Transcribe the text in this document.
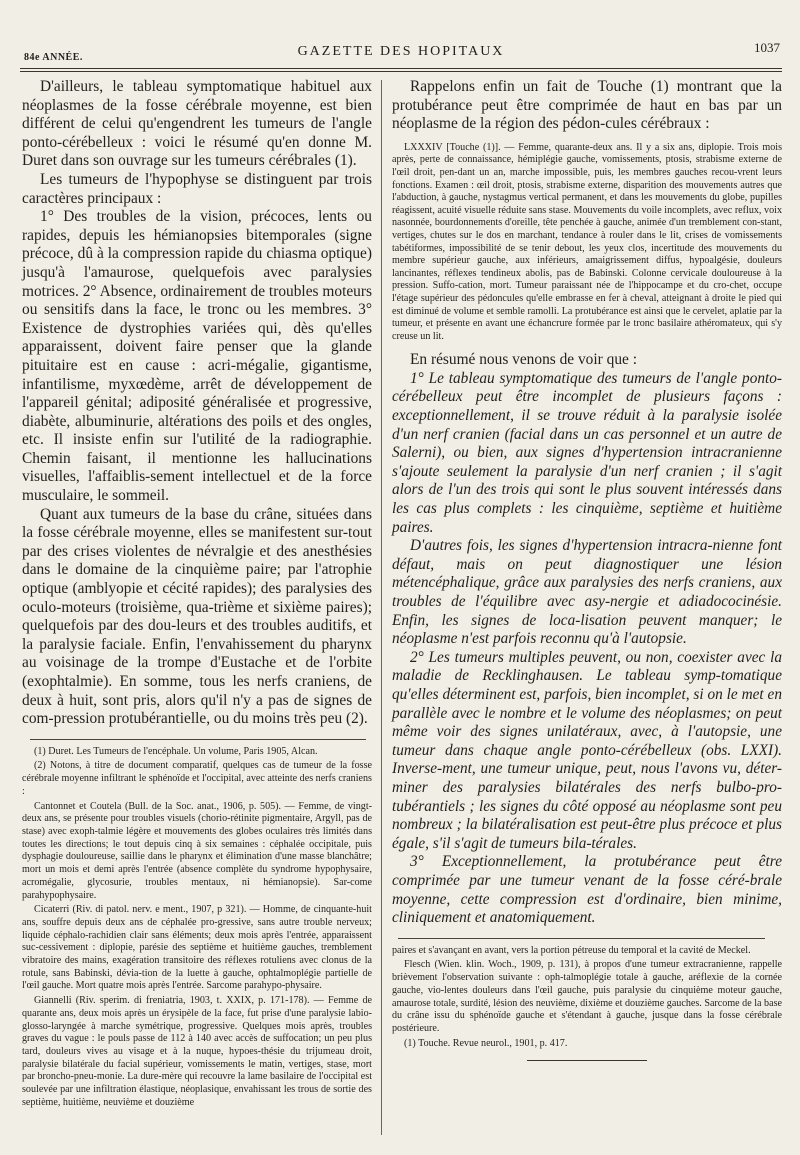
84e ANNÉE.	GAZETTE DES HOPITAUX	1037

D'ailleurs, le tableau symptomatique habituel aux néoplasmes de la fosse cérébrale moyenne, est bien différent de celui qu'engendrent les tumeurs de l'angle ponto-cérébelleux : voici le résumé qu'en donne M. Duret dans son ouvrage sur les tumeurs cérébrales (1).

Les tumeurs de l'hypophyse se distinguent par trois caractères principaux :

1° Des troubles de la vision, précoces, lents ou rapides, depuis les hémianopsies bitemporales (signe précoce, dû à la compression rapide du chiasma optique) jusqu'à l'amaurose, quelquefois avec paralysies motrices. 2° Absence, ordinairement de troubles moteurs ou sensitifs dans la face, le tronc ou les membres. 3° Existence de dystrophies variées qui, dès qu'elles apparaissent, doivent faire penser que la glande pituitaire est en cause : acri-mégalie, gigantisme, infantilisme, myxœdème, arrêt de développement de l'appareil génital; adiposité généralisée et progressive, diabète, albuminurie, altérations des poils et des ongles, etc. Il insiste enfin sur l'utilité de la radiographie. Chemin faisant, il mentionne les hallucinations visuelles, l'affaiblis-sement intellectuel et de la force musculaire, le sommeil.

Quant aux tumeurs de la base du crâne, situées dans la fosse cérébrale moyenne, elles se manifestent sur-tout par des crises violentes de névralgie et des anesthésies dans le domaine de la cinquième paire; par l'atrophie optique (amblyopie et cécité rapides); des paralysies des oculo-moteurs (troisième, qua-trième et sixième paires); quelquefois par des dou-leurs et des troubles auditifs, et la paralysie faciale. Enfin, l'envahissement du pharynx au voisinage de la trompe d'Eustache et de l'orbite (exophtalmie). En somme, tous les nerfs craniens, de deux à huit, sont pris, alors qu'il n'y a pas de signes de com-pression protubérantielle, ou du moins très peu (2).

(1) Duret. Les Tumeurs de l'encéphale. Un volume, Paris 1905, Alcan.

(2) Notons, à titre de document comparatif, quelques cas de tumeur de la fosse cérébrale moyenne infiltrant le sphénoïde et l'occipital, avec atteinte des nerfs craniens :

Cantonnet et Coutela (Bull. de la Soc. anat., 1906, p. 505). — Femme, de vingt-deux ans, se présente pour troubles visuels (chorio-rétinite pigmentaire, Argyll, pas de stase) avec exoph-talmie légère et mouvements des globes oculaires très limités dans toutes les directions; le tout depuis cinq à six semaines : céphalée occipitale, puis dysphagie douloureuse, saillie dans le pharynx et élimination d'une masse blanchâtre; mort un mois et demi après l'entrée (absence complète du syndrome hypophysaire, acromégalie, glycosurie, troubles mentaux, ni hémianopsie). Sar-come parahypophysaire.

Cicaterri (Riv. di patol. nerv. e ment., 1907, p 321). — Homme, de cinquante-huit ans, souffre depuis deux ans de céphalée pro-gressive, sans autre trouble nerveux; liquide céphalo-rachidien clair sans éléments; deux mois après l'entrée, apparaissent suc-cessivement : diplopie, parésie des septième et huitième gauches, tremblement vibratoire des mains, exagération transitoire des réflexes rotuliens avec clonus de la rotule, sans Babinski, dévia-tion de la luette à gauche, ophtalmoplégie partielle de l'œil gauche. Mort quatre mois après l'entrée. Sarcome parahypo-physaire.

Giannelli (Riv. sperim. di freniatria, 1903, t. XXIX, p. 171-178). — Femme de quarante ans, deux mois après un érysipèle de la face, fut prise d'une paralysie labio-glosso-laryngée à marche symétrique, progressive. Quelques mois après, troubles graves du vague : le pouls passe de 112 à 140 avec accès de suffocation; un peu plus tard, douleurs vives au visage et à la nuque, hypoes-thésie du trijumeau droit, paralysie bilatérale du facial supérieur, vomissements le matin, vertiges, stase, mort par broncho-pneu-monie. La dure-mère qui recouvre la lame basilaire de l'occipital est soulevée par une infiltration élastique, néoplasique, envahissant les trous de sortie des septième, huitième, neuvième et douzième

Rappelons enfin un fait de Touche (1) montrant que la protubérance peut être comprimée de haut en bas par un néoplasme de la région des pédon-cules cérébraux :

LXXXIV [Touche (1)]. — Femme, quarante-deux ans. Il y a six ans, diplopie. Trois mois après, perte de connaissance, hémiplégie gauche, vomissements, ptosis, strabisme externe de l'œil droit, pen-dant un an, marche impossible, puis, les membres gauches recou-vrent leurs fonctions. Examen : œil droit, ptosis, strabisme externe, disparition des mouvements autres que l'abduction, à gauche, nystagmus vertical permanent, et dans les mouvements du globe, pupilles réagissent, acuité visuelle réduite sans stase. Mouvements du voile incomplets, avec reflux, voix nasonnée, bourdonnements d'oreille, tête penchée à gauche, animée d'un tremblement con-stant, vertiges, chutes sur le dos en marchant, tendance à rouler dans le lit, crises de vomissements tabétiformes, impossibilité de se tenir debout, les yeux clos, incertitude des mouvements du membre supérieur gauche, aux inférieurs, amaigrissement diffus, hypoalgésie, douleurs lancinantes, réflexes tendineux abolis, pas de Babinski. Colonne cervicale douloureuse à la pression. Suffo-cation, mort. Tumeur paraissant née de l'hippocampe et du cro-chet, occupe l'étage supérieur des pédoncules qu'elle embrasse en fer à cheval, atteignant à droite le pied qui est diminué de volume et semble ramolli. La protubérance est ainsi que le cervelet, aplatie par la tumeur, et présente en avant une échancrure formée par le tronc basilaire athéromateux, qui s'y creuse un lit.

En résumé nous venons de voir que :

1° Le tableau symptomatique des tumeurs de l'angle ponto-cérébelleux peut être incomplet de plusieurs façons : exceptionnellement, il se trouve réduit à la paralysie isolée d'un nerf cranien (facial dans un cas personnel et un autre de Salerni), ou bien, aux signes d'hypertension intracranienne s'ajoute seulement la paralysie d'un nerf cranien ; il s'agit alors de l'un des trois qui sont le plus souvent intéressés dans les cas plus complets : les cinquième, septième et huitième paires.

D'autres fois, les signes d'hypertension intracra-nienne font défaut, mais on peut diagnostiquer une lésion métencéphalique, grâce aux paralysies des nerfs craniens, aux troubles de l'équilibre avec asy-nergie et adiadococinésie. Enfin, les signes de loca-lisation peuvent manquer; le néoplasme n'est parfois reconnu qu'à l'autopsie.

2° Les tumeurs multiples peuvent, ou non, coexister avec la maladie de Recklinghausen. Le tableau symp-tomatique qu'elles déterminent est, parfois, bien incomplet, si on le met en parallèle avec le nombre et le volume des néoplasmes; on peut même voir des signes unilatéraux, avec, à l'autopsie, une tumeur dans chaque angle ponto-cérébelleux (obs. LXXI). Inverse-ment, une tumeur unique, peut, nous l'avons vu, déter-miner des paralysies bilatérales des nerfs bulbo-pro-tubérantiels ; les signes du côté opposé au néoplasme sont peu nombreux ; la bilatéralisation est peut-être plus précoce et plus égale, s'il s'agit de tumeurs bila-térales.

3° Exceptionnellement, la protubérance peut être comprimée par une tumeur venant de la fosse céré-brale moyenne, cette compression est d'ordinaire, bien minime, cliniquement et anatomiquement.

paires et s'avançant en avant, vers la portion pétreuse du temporal et la cavité de Meckel.

Flesch (Wien. klin. Woch., 1909, p. 131), à propos d'une tumeur extracranienne, rappelle brièvement l'observation suivante : oph-talmoplégie totale à gauche, aréflexie de la cornée gauche, vio-lentes douleurs dans l'œil gauche, puis paralysie du cinquième moteur gauche, amaurose totale, surdité, lésion des neuvième, dixième et douzième gauches. Sarcome de la base du crâne issu du sphénoïde gauche et s'étendant à gauche, jusque dans la fosse cérébrale postérieure.

(1) Touche. Revue neurol., 1901, p. 417.
